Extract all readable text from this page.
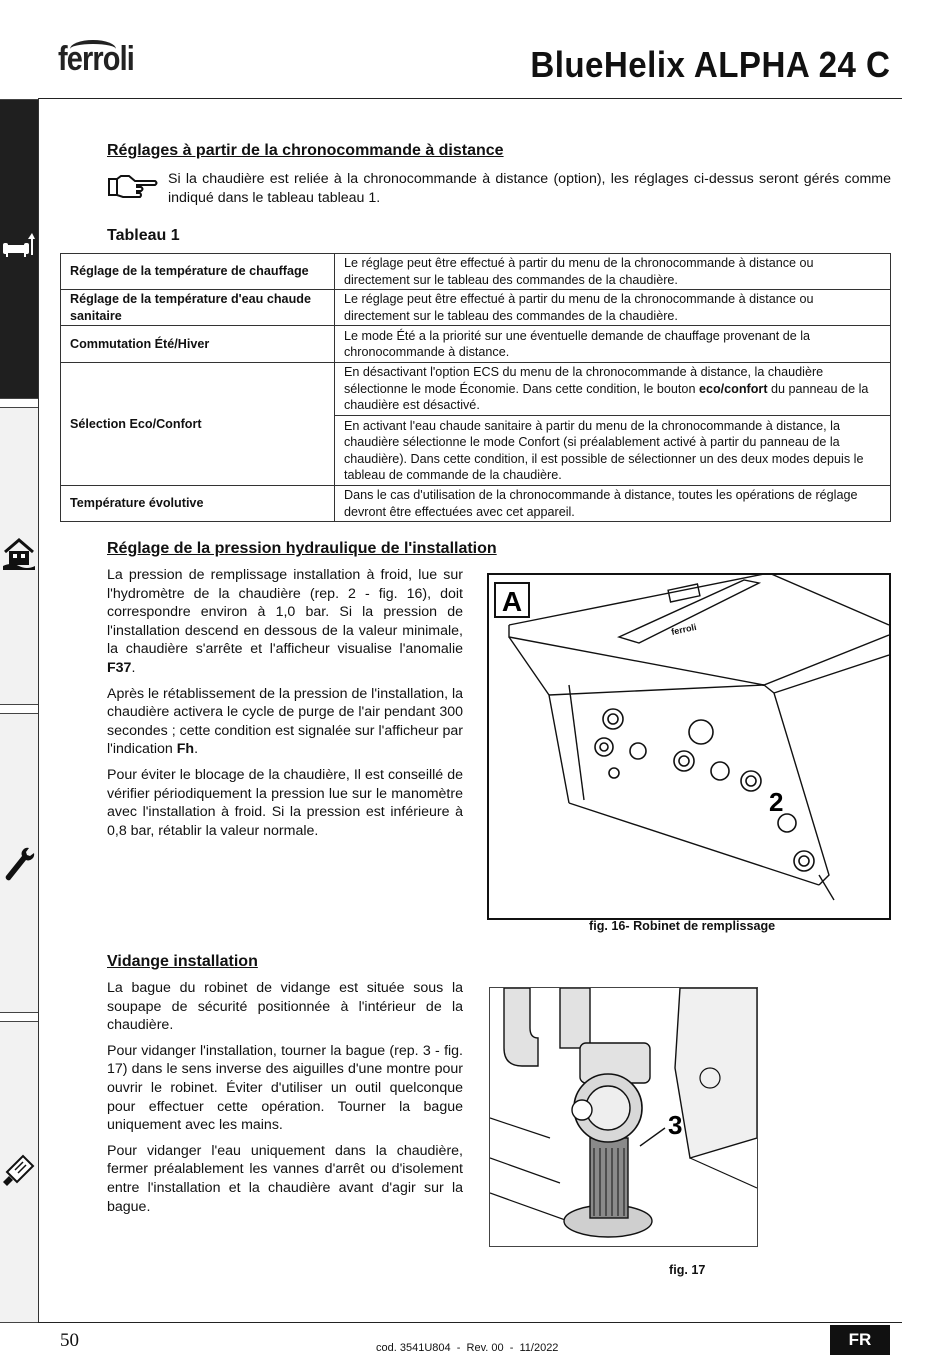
ferroli	BlueHelix ALPHA 24 C
Réglages à partir de la chronocommande à distance
Si la chaudière est reliée à la chronocommande à distance (option), les réglages ci-dessus seront gérés comme indiqué dans le tableau tableau 1.
Tableau 1
Réglage de la température de chauffage	Le réglage peut être effectué à partir du menu de la chronocommande à distance ou directement sur le tableau des commandes de la chaudière.
Réglage de la température d'eau chaude sanitaire	Le réglage peut être effectué à partir du menu de la chronocommande à distance ou directement sur le tableau des commandes de la chaudière.
Commutation Été/Hiver	Le mode Été a la priorité sur une éventuelle demande de chauffage provenant de la chronocommande à distance.
Sélection Eco/Confort	En désactivant l'option ECS du menu de la chronocommande à distance, la chaudière sélectionne le mode Économie. Dans cette condition, le bouton eco/confort du panneau de la chaudière est désactivé.
	En activant l'eau chaude sanitaire à partir du menu de la chronocommande à distance, la chaudière sélectionne le mode Confort (si préalablement activé à partir du panneau de la chaudière). Dans cette condition, il est possible de sélectionner un des deux modes depuis le tableau de commande de la chaudière.
Température évolutive	Dans le cas d'utilisation de la chronocommande à distance, toutes les opérations de réglage devront être effectuées avec cet appareil.
Réglage de la pression hydraulique de l'installation

La pression de remplissage installation à froid, lue sur l'hydromètre de la chaudière (rep. 2 - fig. 16), doit correspondre environ à 1,0 bar. Si la pression de l'installation descend en dessous de la valeur minimale, la chaudière s'arrête et l'afficheur visualise l'anomalie F37.

Après le rétablissement de la pression de l'installation, la chaudière activera le cycle de purge de l'air pendant 300 secondes ; cette condition est signalée sur l'afficheur par l'indication Fh.

Pour éviter le blocage de la chaudière, Il est conseillé de vérifier périodiquement la pression lue sur le manomètre avec l'installation à froid. Si la pression est inférieure à 0,8 bar, rétablir la valeur normale.

ferroli
A
2
fig. 16- Robinet de remplissage
Vidange installation

La bague du robinet de vidange est située sous la soupape de sécurité positionnée à l'intérieur de la chaudière.

Pour vidanger l'installation, tourner la bague (rep. 3 - fig. 17) dans le sens inverse des aiguilles d'une montre pour ouvrir le robinet. Éviter d'utiliser un outil quelconque pour effectuer cette opération. Tourner la bague uniquement avec les mains.

Pour vidanger l'eau uniquement dans la chaudière, fermer préalablement les vannes d'arrêt ou d'isolement entre l'installation et la chaudière avant d'agir sur la bague.

3
fig. 17
50	cod. 3541U804  -  Rev. 00  -  11/2022	FR
